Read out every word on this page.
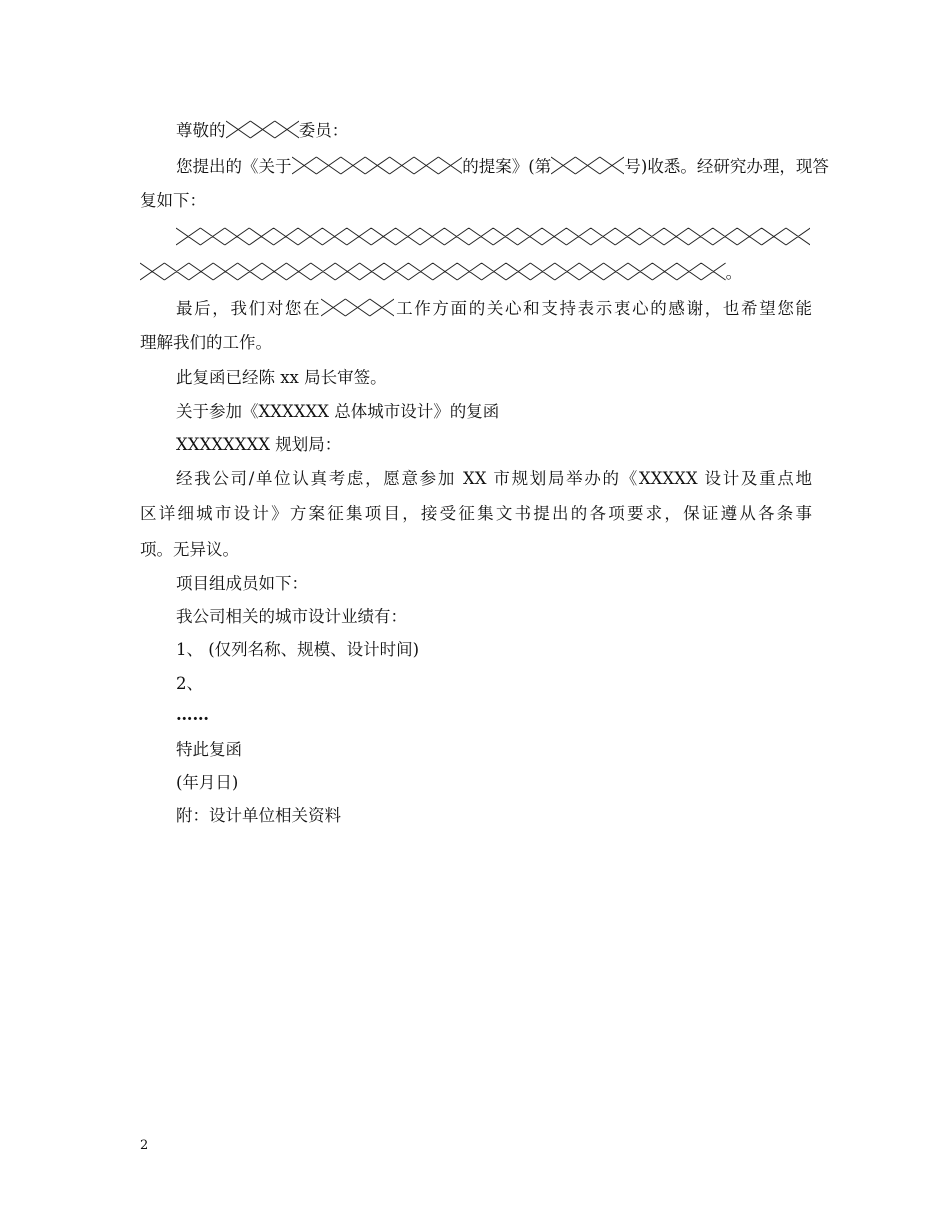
尊敬的	委员：
您提出的《关于	的提案》(第	号)收悉。经研究办理，现答
复如下：
。
最后，我们对您在	工作方面的关心和支持表示衷心的感谢，也希望您能
理解我们的工作。
此复函已经陈 xx 局长审签。
关于参加《XXXXXX 总体城市设计》的复函
XXXXXXXX 规划局：
经我公司/单位认真考虑，愿意参加 XX 市规划局举办的《XXXXX 设计及重点地
区详细城市设计》方案征集项目，接受征集文书提出的各项要求，保证遵从各条事
项。无异议。
项目组成员如下：
我公司相关的城市设计业绩有：
1、 (仅列名称、规模、设计时间)
2、
……
特此复函
(年月日)
附：设计单位相关资料
2
